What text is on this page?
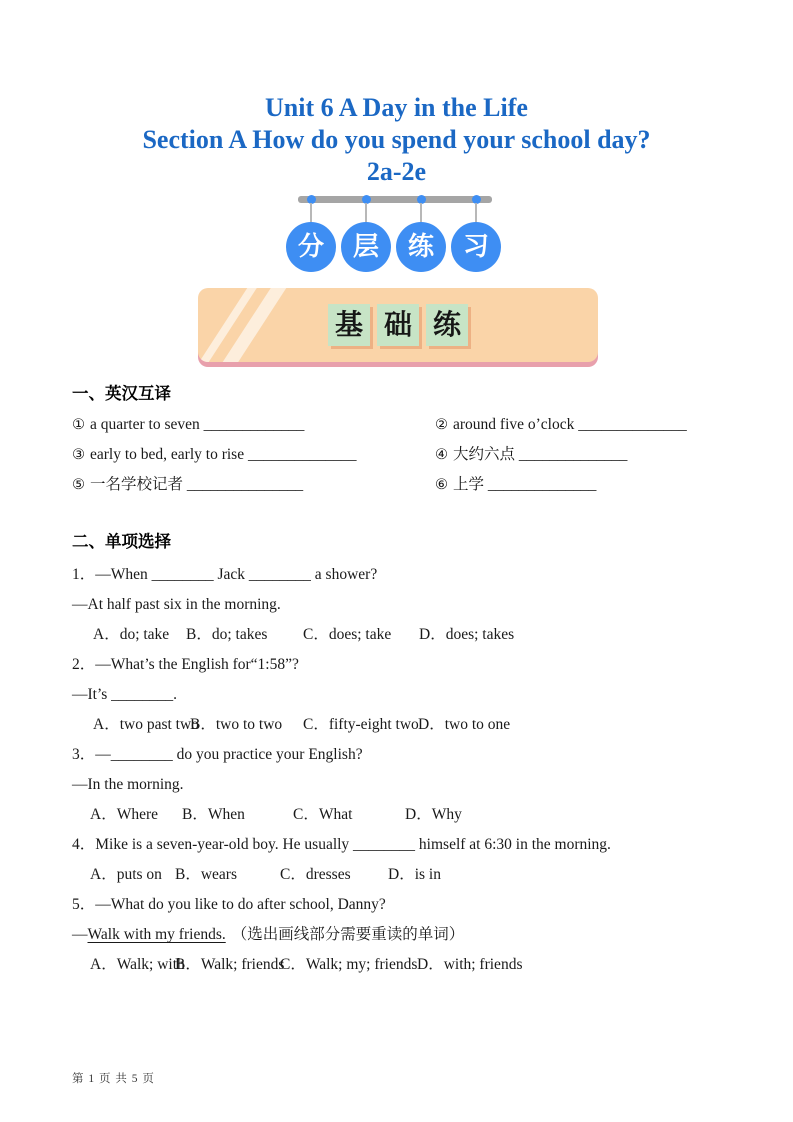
Unit 6 A Day in the Life
Section A How do you spend your school day?
2a-2e
分	层	练	习
基 础 练
一、英汉互译
① a quarter to seven _____________	② around five o’clock ______________
③ early to bed, early to rise ______________	④ 大约六点 ______________
⑤ 一名学校记者 _______________	⑥ 上学 ______________
二、单项选择
1．—When ________ Jack ________ a shower?
—At half past six in the morning.
A．do; take B．do; takes C．does; take D．does; takes
2．—What’s the English for“1:58”?
—It’s ________.
A．two past two
B．two to two C．fifty-eight two D．two to one
3．—________ do you practice your English?
—In the morning.
A．Where B．When	C．What	D．Why
4．Mike is a seven-year-old boy. He usually ________ himself at 6:30 in the morning.
A．puts on B．wears	C．dresses D．is in
5．—What do you like to do after school, Danny?
—Walk with my friends. （选出画线部分需要重读的单词）
A．Walk; with
B．Walk; friends
C．Walk; my; friends D．with; friends
第 1 页 共 5 页
